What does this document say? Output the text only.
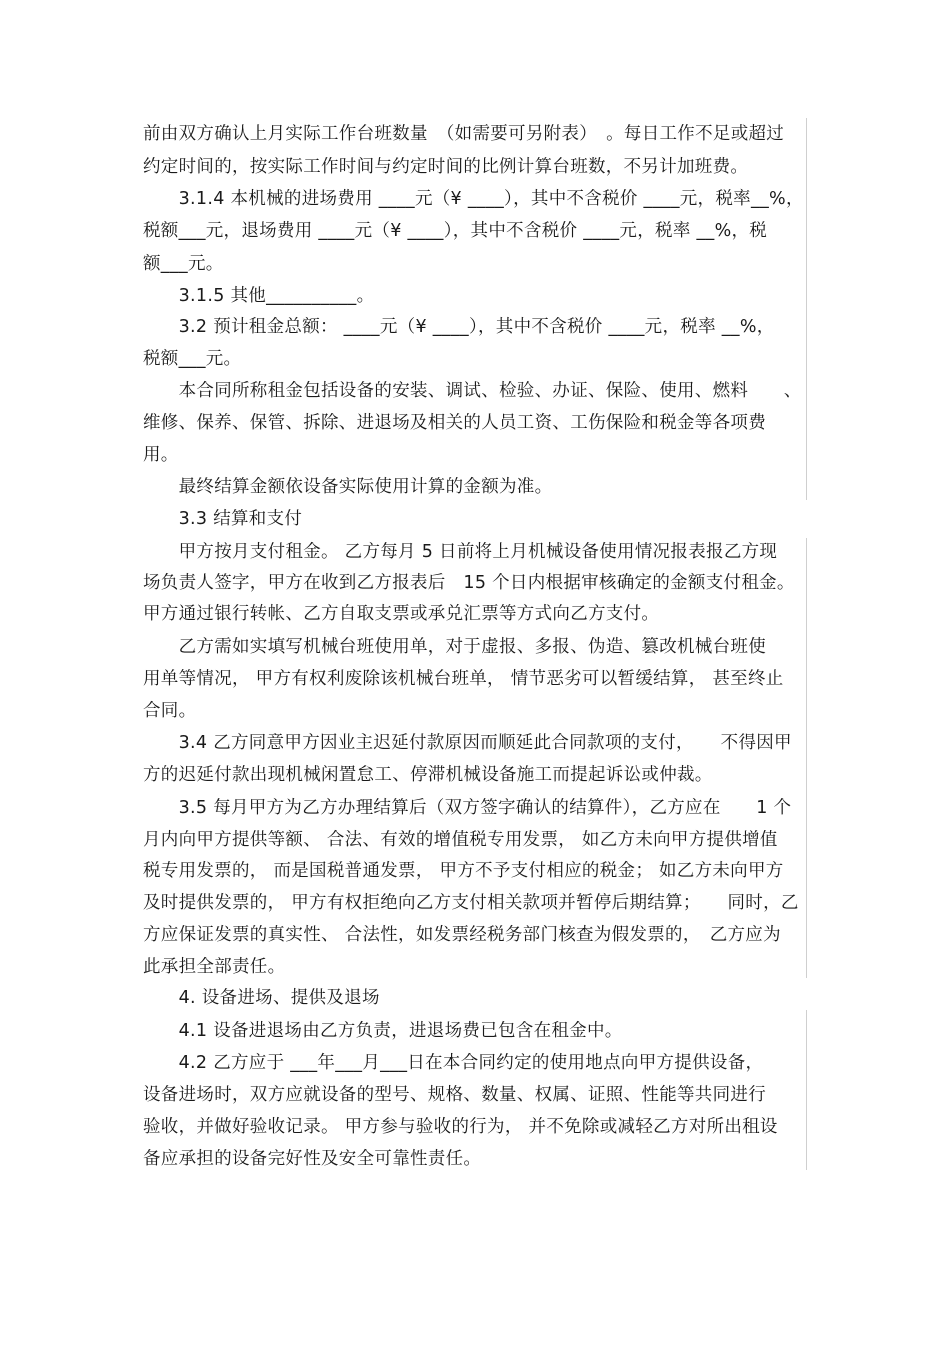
前由双方确认上月实际工作台班数量　（如需要可另附表）　。每日工作不足或超过
约定时间的，按实际工作时间与约定时间的比例计算台班数，不另计加班费。
　　3.1.4 本机械的进场费用 ____元（¥ ____），其中不含税价 ____元，税率__%，
税额___元，退场费用 ____元（¥ ____），其中不含税价 ____元，税率 __%，税
额___元。
　　3.1.5 其他__________。
　　3.2 预计租金总额： ____元（¥ ____），其中不含税价 ____元，税率 __%，
税额___元。
　　本合同所称租金包括设备的安装、调试、检验、办证、保险、使用、燃料　　、
维修、保养、保管、拆除、进退场及相关的人员工资、工伤保险和税金等各项费
用。
　　最终结算金额依设备实际使用计算的金额为准。
　　3.3 结算和支付
　　甲方按月支付租金。 乙方每月 5 日前将上月机械设备使用情况报表报乙方现
场负责人签字，甲方在收到乙方报表后　15 个日内根据审核确定的金额支付租金。
甲方通过银行转帐、乙方自取支票或承兑汇票等方式向乙方支付。
　　乙方需如实填写机械台班使用单，对于虚报、多报、伪造、篡改机械台班使
用单等情况， 甲方有权利废除该机械台班单， 情节恶劣可以暂缓结算， 甚至终止
合同。
　　3.4 乙方同意甲方因业主迟延付款原因而顺延此合同款项的支付，　　不得因甲
方的迟延付款出现机械闲置怠工、停滞机械设备施工而提起诉讼或仲裁。
　　3.5 每月甲方为乙方办理结算后（双方签字确认的结算件），乙方应在　　1 个
月内向甲方提供等额、 合法、有效的增值税专用发票， 如乙方未向甲方提供增值
税专用发票的， 而是国税普通发票， 甲方不予支付相应的税金； 如乙方未向甲方
及时提供发票的， 甲方有权拒绝向乙方支付相关款项并暂停后期结算；　　同时，乙
方应保证发票的真实性、 合法性，如发票经税务部门核查为假发票的，　乙方应为
此承担全部责任。
　　4. 设备进场、提供及退场
　　4.1 设备进退场由乙方负责，进退场费已包含在租金中。
　　4.2 乙方应于 ___年___月___日在本合同约定的使用地点向甲方提供设备，
设备进场时，双方应就设备的型号、规格、数量、权属、证照、性能等共同进行
验收，并做好验收记录。 甲方参与验收的行为， 并不免除或减轻乙方对所出租设
备应承担的设备完好性及安全可靠性责任。
